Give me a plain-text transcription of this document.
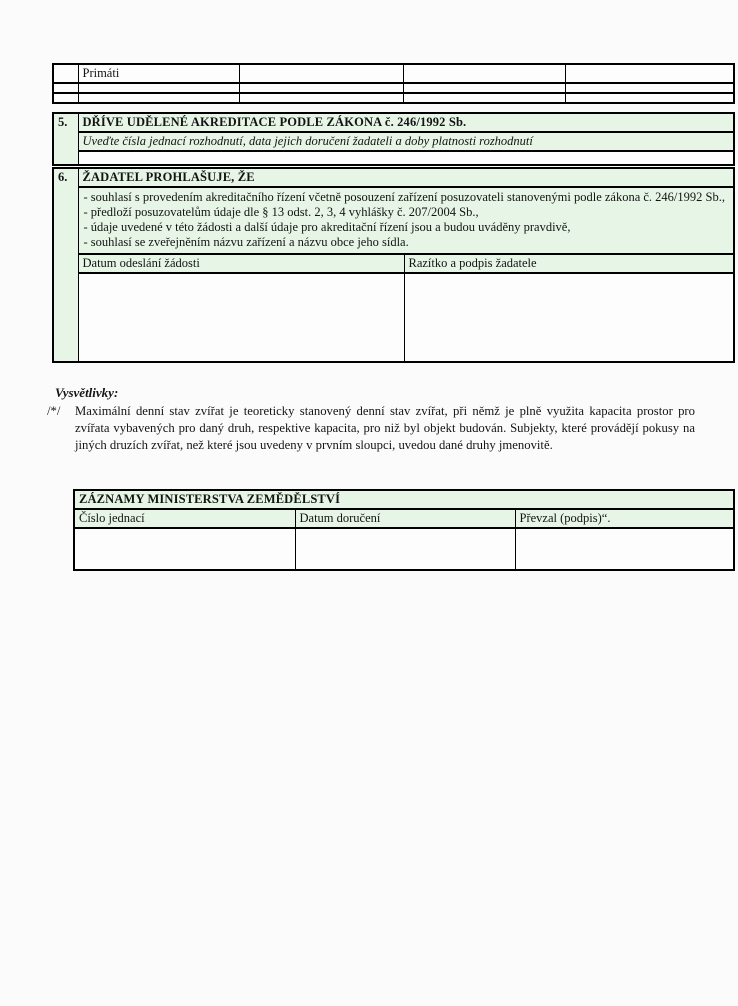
	Primáti			

5.	DŘÍVE UDĚLENÉ AKREDITACE PODLE ZÁKONA č. 246/1992 Sb.
Uveďte čísla jednací rozhodnutí, data jejich doručení žadateli a doby platnosti rozhodnutí

6.	ŽADATEL PROHLAŠUJE, ŽE	

	- souhlasí s provedením akreditačního řízení včetně posouzení zařízení posuzovateli stanovenými podle zákona č. 246/1992 Sb.,
- předloží posuzovatelům údaje dle § 13 odst. 2, 3, 4 vyhlášky č. 207/2004 Sb.,
- údaje uvedené v této žádosti a další údaje pro akreditační řízení jsou a budou uváděny pravdivě,
- souhlasí se zveřejněním názvu zařízení a názvu obce jeho sídla.	

	Datum odeslání žádosti	Razítko a podpis žadatele

Vysvětlivky:
/*/ Maximální denní stav zvířat je teoreticky stanovený denní stav zvířat, při němž je plně využita kapacita prostor pro zvířata vybavených pro daný druh, respektive kapacita, pro niž byl objekt budován. Subjekty, které provádějí pokusy na jiných druzích zvířat, než které jsou uvedeny v prvním sloupci, uvedou dané druhy jmenovitě.
ZÁZNAMY MINISTERSTVA ZEMĚDĚLSTVÍ		
Číslo jednací	Datum doručení	Převzal (podpis)“.
